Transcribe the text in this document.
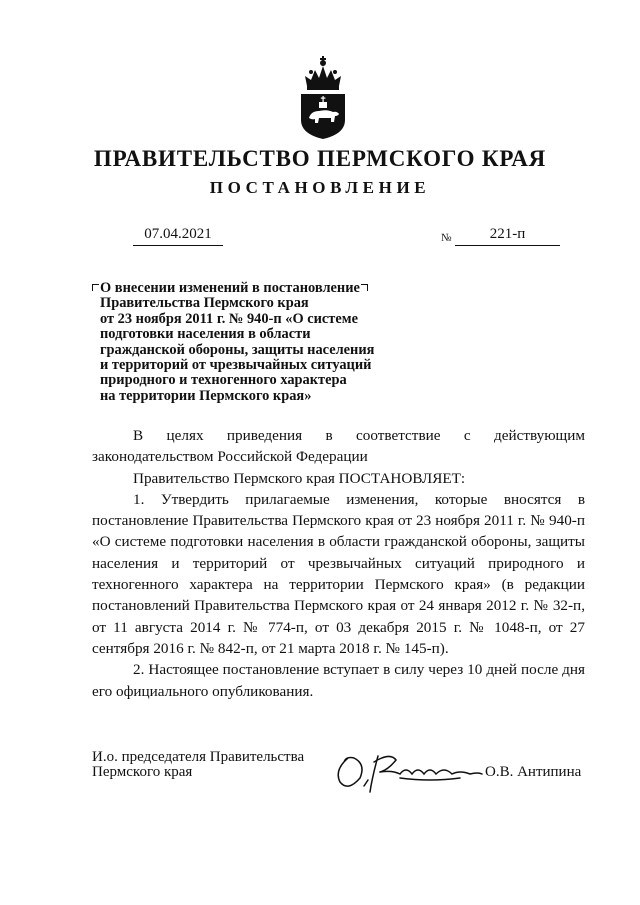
ПРАВИТЕЛЬСТВО ПЕРМСКОГО КРАЯ
ПОСТАНОВЛЕНИЕ
07.04.2021	№	221-п

О внесении изменений в постановление
Правительства Пермского края
от 23 ноября 2011 г. № 940-п «О системе
подготовки населения в области
гражданской обороны, защиты населения
и территорий от чрезвычайных ситуаций
природного и техногенного характера
на территории Пермского края»

В целях приведения в соответствие с действующим

законодательством Российской Федерации

Правительство Пермского края ПОСТАНОВЛЯЕТ:

1. Утвердить прилагаемые изменения, которые вносятся в постановление Правительства Пермского края от 23 ноября 2011 г. № 940-п «О системе подготовки населения в области гражданской обороны, защиты населения и территорий от чрезвычайных ситуаций природного и техногенного характера на территории Пермского края» (в редакции постановлений Правительства Пермского края от 24 января 2012 г. № 32-п, от 11 августа 2014 г. № 774-п, от 03 декабря 2015 г. № 1048-п, от 27 сентября 2016 г. № 842-п, от 21 марта 2018 г. № 145-п).

2. Настоящее постановление вступает в силу через 10 дней после дня его официального опубликования.

И.о. председателя Правительства
Пермского края	О.В. Антипина
